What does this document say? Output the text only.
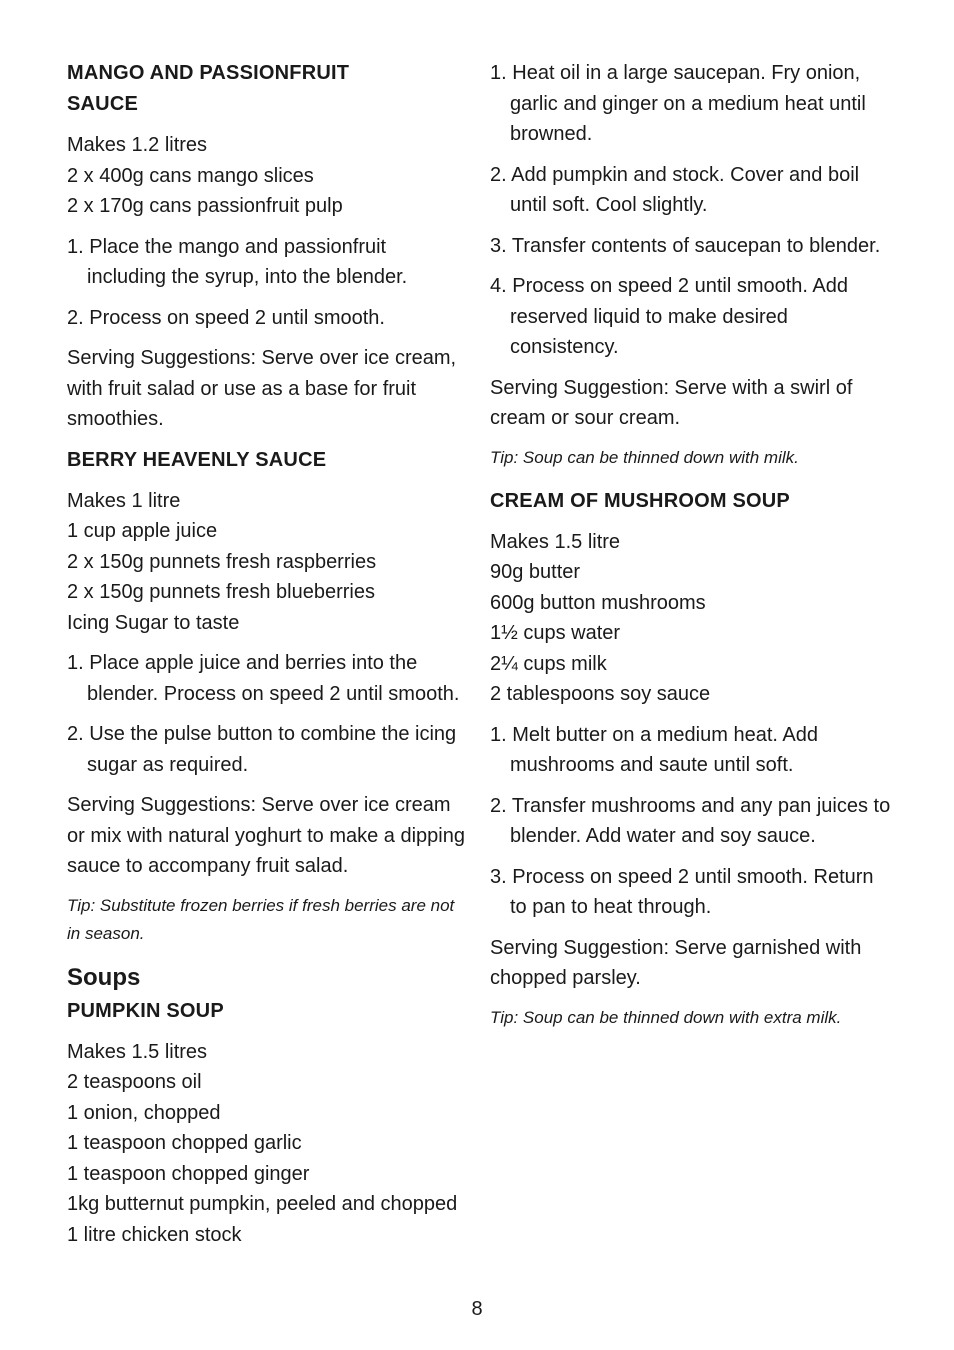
MANGO AND PASSIONFRUIT
SAUCE
Makes 1.2 litres
2 x 400g cans mango slices
2 x 170g cans passionfruit pulp
1. Place the mango and passionfruit including the syrup, into the blender.
2. Process on speed 2 until smooth.

Serving Suggestions: Serve over ice cream, with fruit salad or use as a base for fruit smoothies.

BERRY HEAVENLY SAUCE
Makes 1 litre
1 cup apple juice
2 x 150g punnets fresh raspberries
2 x 150g punnets fresh blueberries
Icing Sugar to taste
1. Place apple juice and berries into the blender. Process on speed 2 until smooth.
2. Use the pulse button to combine the icing sugar as required.

Serving Suggestions: Serve over ice cream or mix with natural yoghurt to make a dipping sauce to accompany fruit salad.

Tip: Substitute frozen berries if fresh berries are not in season.

Soups
PUMPKIN SOUP
Makes 1.5 litres
2 teaspoons oil
1 onion, chopped
1 teaspoon chopped garlic
1 teaspoon chopped ginger
1kg butternut pumpkin, peeled and chopped
1 litre chicken stock
1. Heat oil in a large saucepan. Fry onion, garlic and ginger on a medium heat until browned.
2. Add pumpkin and stock. Cover and boil until soft. Cool slightly.
3. Transfer contents of saucepan to blender.
4. Process on speed 2 until smooth. Add reserved liquid to make desired consistency.

Serving Suggestion: Serve with a swirl of cream or sour cream.

Tip: Soup can be thinned down with milk.

CREAM OF MUSHROOM SOUP
Makes 1.5 litre
90g butter
600g button mushrooms
1½ cups water
2¼ cups milk
2 tablespoons soy sauce
1. Melt butter on a medium heat. Add mushrooms and saute until soft.
2. Transfer mushrooms and any pan juices to blender. Add water and soy sauce.
3. Process on speed 2 until smooth. Return to pan to heat through.

Serving Suggestion: Serve garnished with chopped parsley.

Tip: Soup can be thinned down with extra milk.

8
